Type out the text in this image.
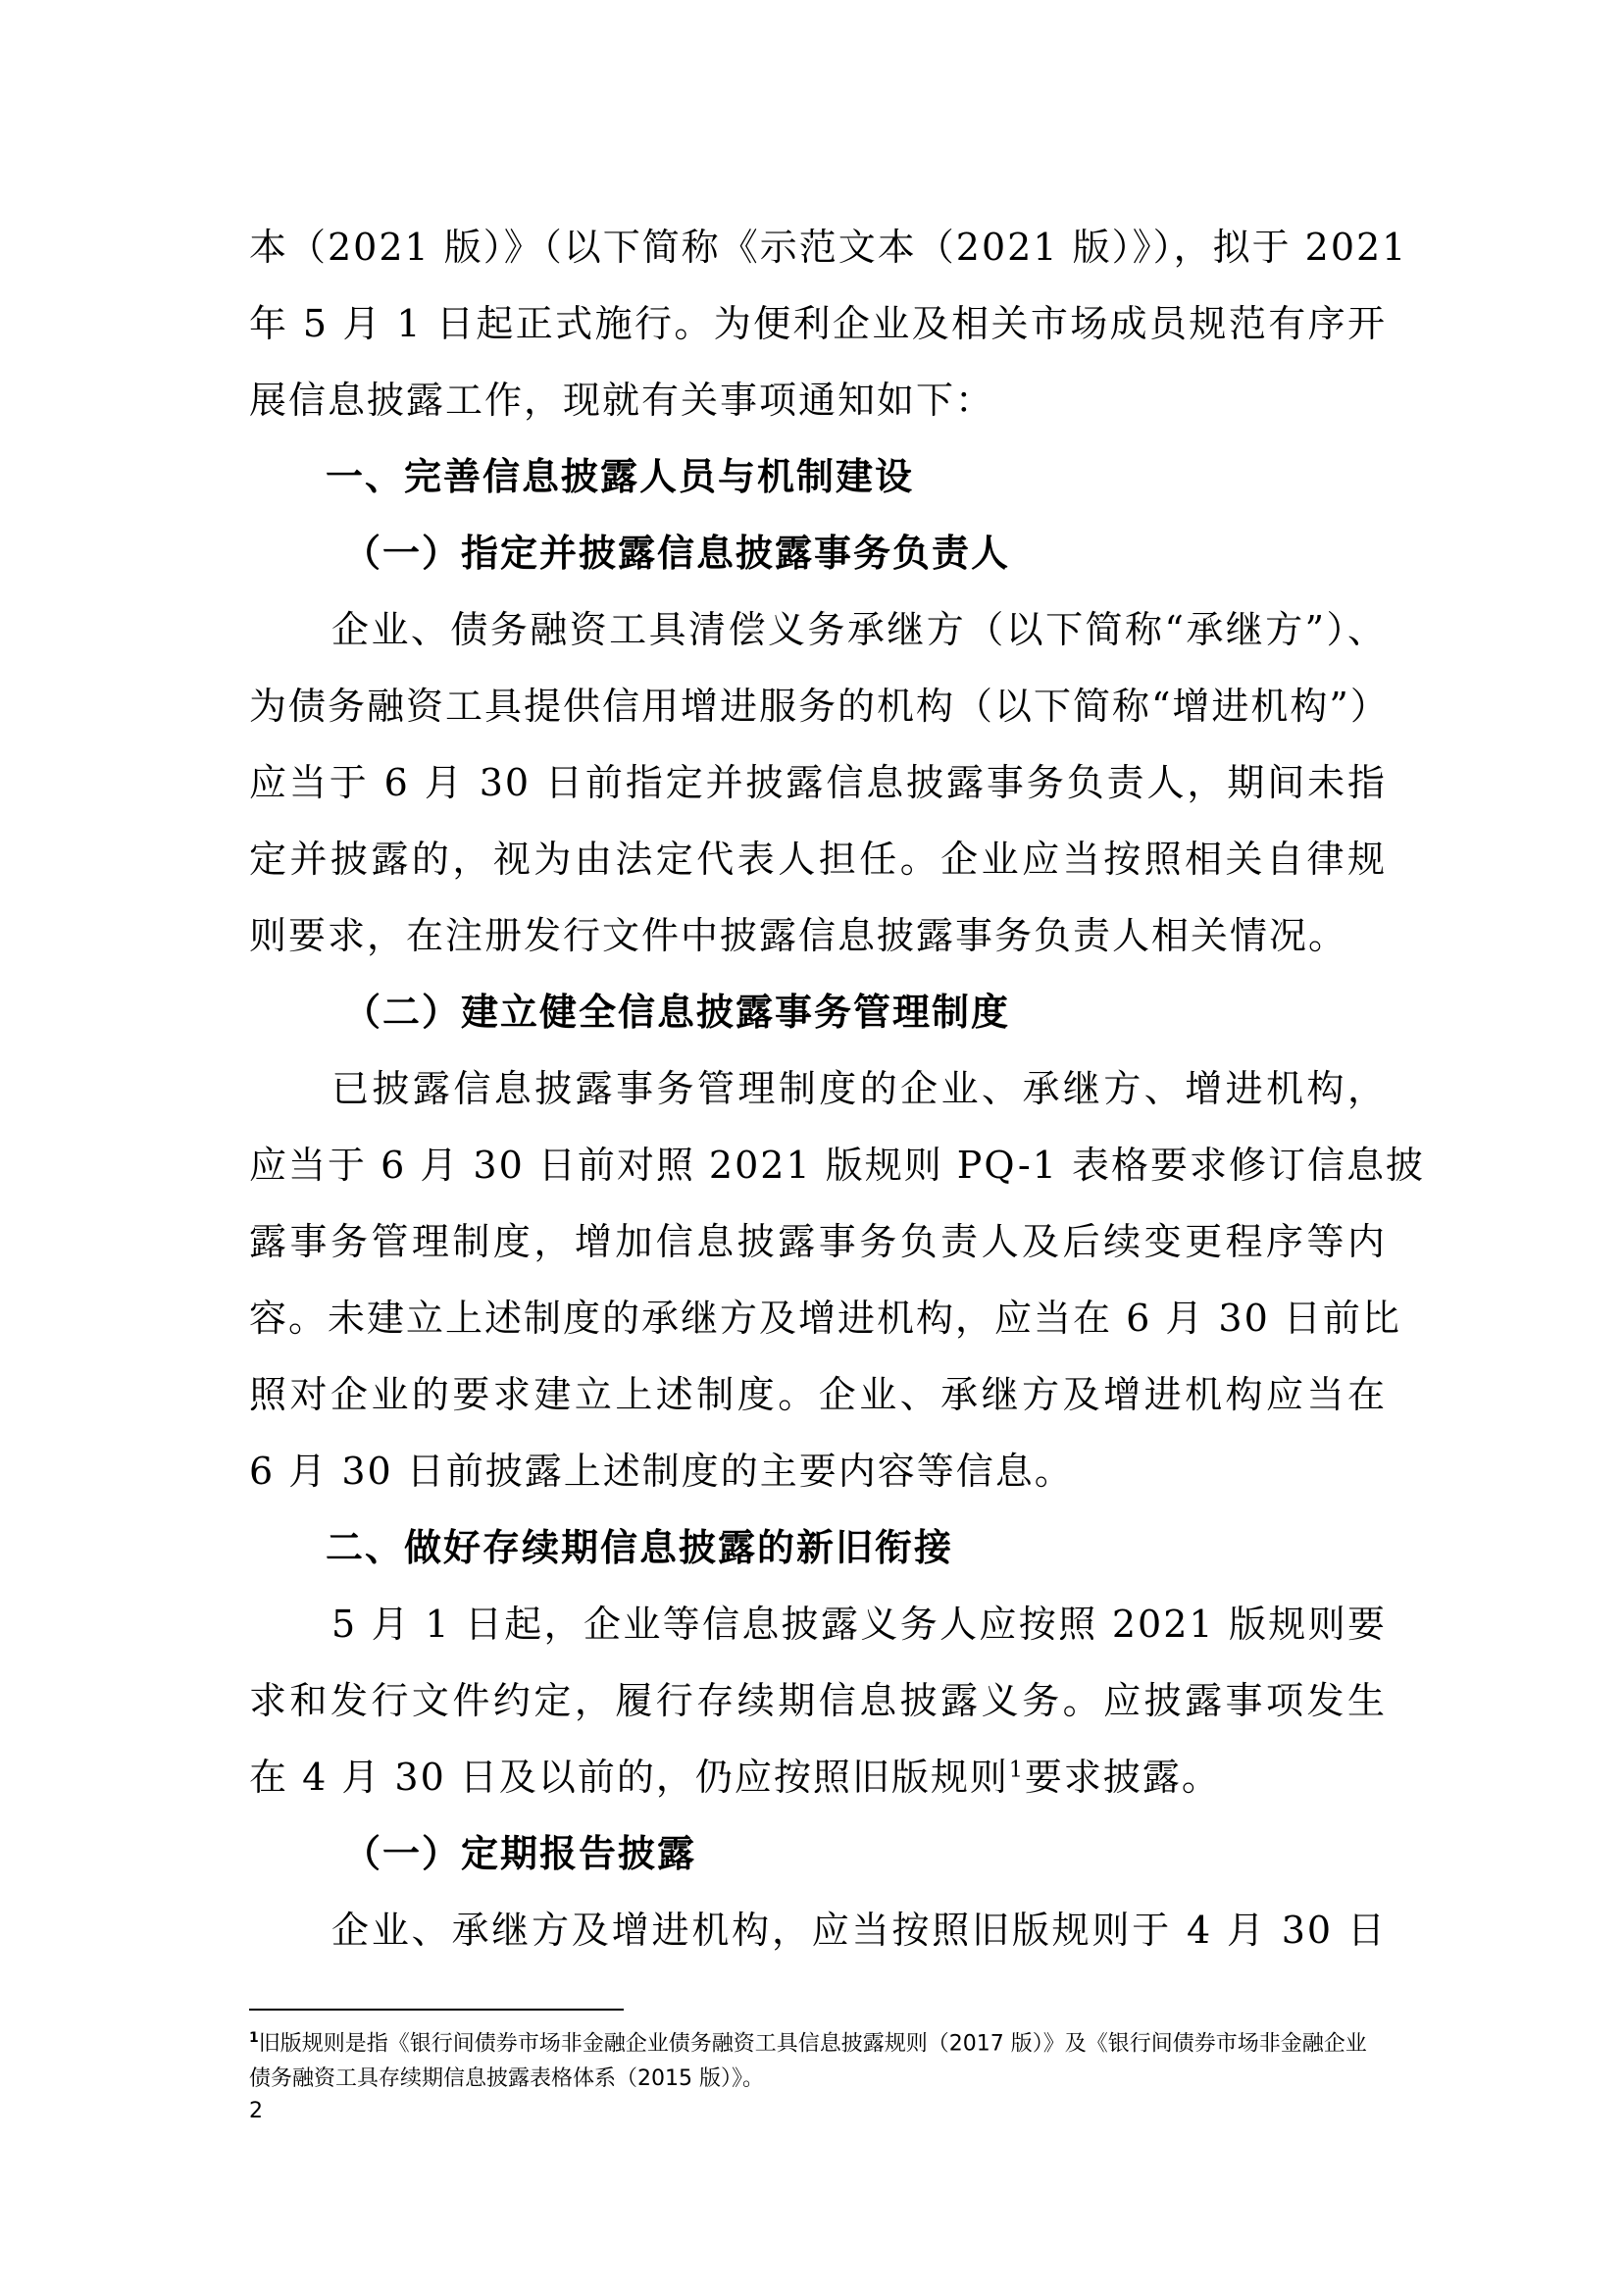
本（2021 版）》（以下简称《示范文本（2021 版）》），拟于 2021
年 5 月 1 日起正式施行。为便利企业及相关市场成员规范有序开
展信息披露工作，现就有关事项通知如下：
一、完善信息披露人员与机制建设
（一）指定并披露信息披露事务负责人
企业、债务融资工具清偿义务承继方（以下简称“承继方”）、
为债务融资工具提供信用增进服务的机构（以下简称“增进机构”）
应当于 6 月 30 日前指定并披露信息披露事务负责人，期间未指
定并披露的，视为由法定代表人担任。企业应当按照相关自律规
则要求，在注册发行文件中披露信息披露事务负责人相关情况。
（二）建立健全信息披露事务管理制度
已披露信息披露事务管理制度的企业、承继方、增进机构，
应当于 6 月 30 日前对照 2021 版规则 PQ-1 表格要求修订信息披
露事务管理制度，增加信息披露事务负责人及后续变更程序等内
容。未建立上述制度的承继方及增进机构，应当在 6 月 30 日前比
照对企业的要求建立上述制度。企业、承继方及增进机构应当在
6 月 30 日前披露上述制度的主要内容等信息。
二、做好存续期信息披露的新旧衔接
5 月 1 日起，企业等信息披露义务人应按照 2021 版规则要
求和发行文件约定，履行存续期信息披露义务。应披露事项发生
在 4 月 30 日及以前的，仍应按照旧版规则$^1$要求披露。
（一）定期报告披露
企业、承继方及增进机构，应当按照旧版规则于 4 月 30 日
$^1$旧版规则是指《银行间债券市场非金融企业债务融资工具信息披露规则（2017 版）》及《银行间债券市场非金融企业债务融资工具存续期信息披露表格体系（2015 版）》。
2
